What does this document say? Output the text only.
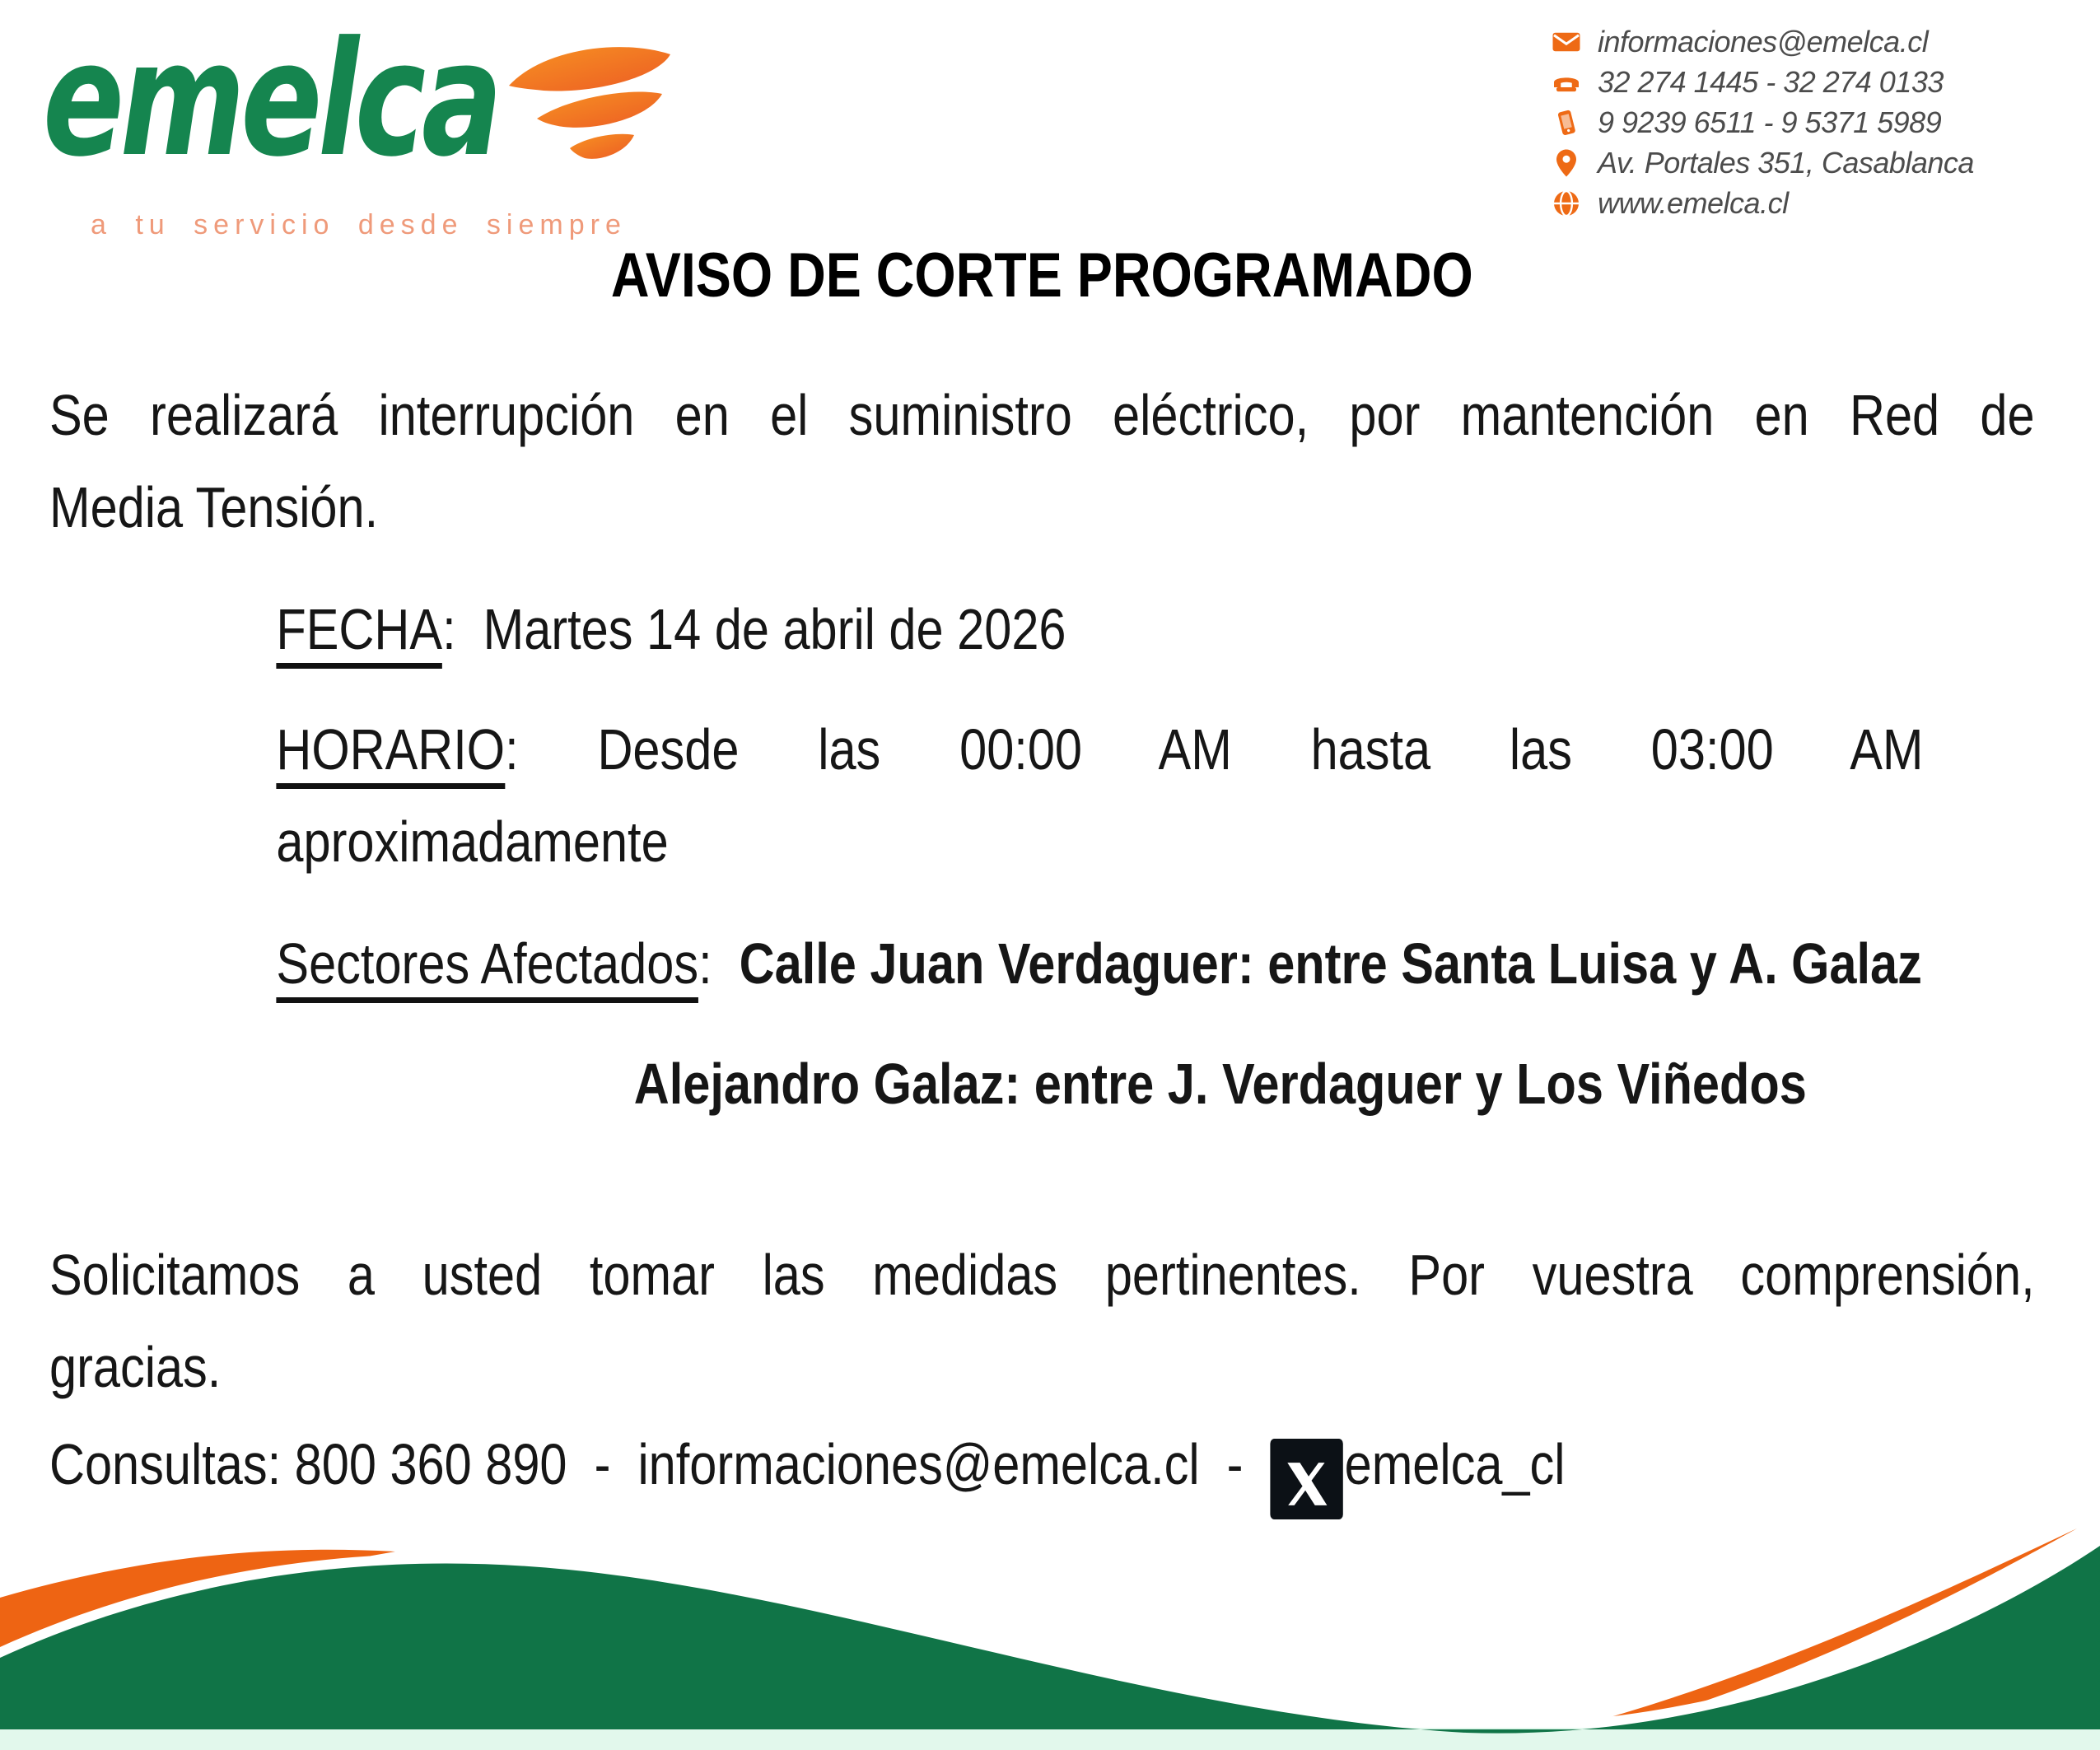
emelca
a tu servicio desde siempre
informaciones@emelca.cl
32 274 1445 - 32 274 0133
9 9239 6511 - 9 5371 5989
Av. Portales 351, Casablanca
www.emelca.cl
AVISO DE CORTE PROGRAMADO
Se realizará interrupción en el suministro eléctrico, por mantención en Red de
Media Tensión.
FECHA:  Martes 14 de abril de 2026
HORARIO: Desde las 00:00 AM hasta las 03:00 AM
aproximadamente
Sectores Afectados: Calle Juan Verdaguer: entre Santa Luisa y A. Galaz
Alejandro Galaz: entre J. Verdaguer y Los Viñedos
Solicitamos a usted tomar las medidas pertinentes. Por vuestra comprensión,
gracias.
Consultas: 800 360 890  -  informaciones@emelca.cl  -  emelca_cl
